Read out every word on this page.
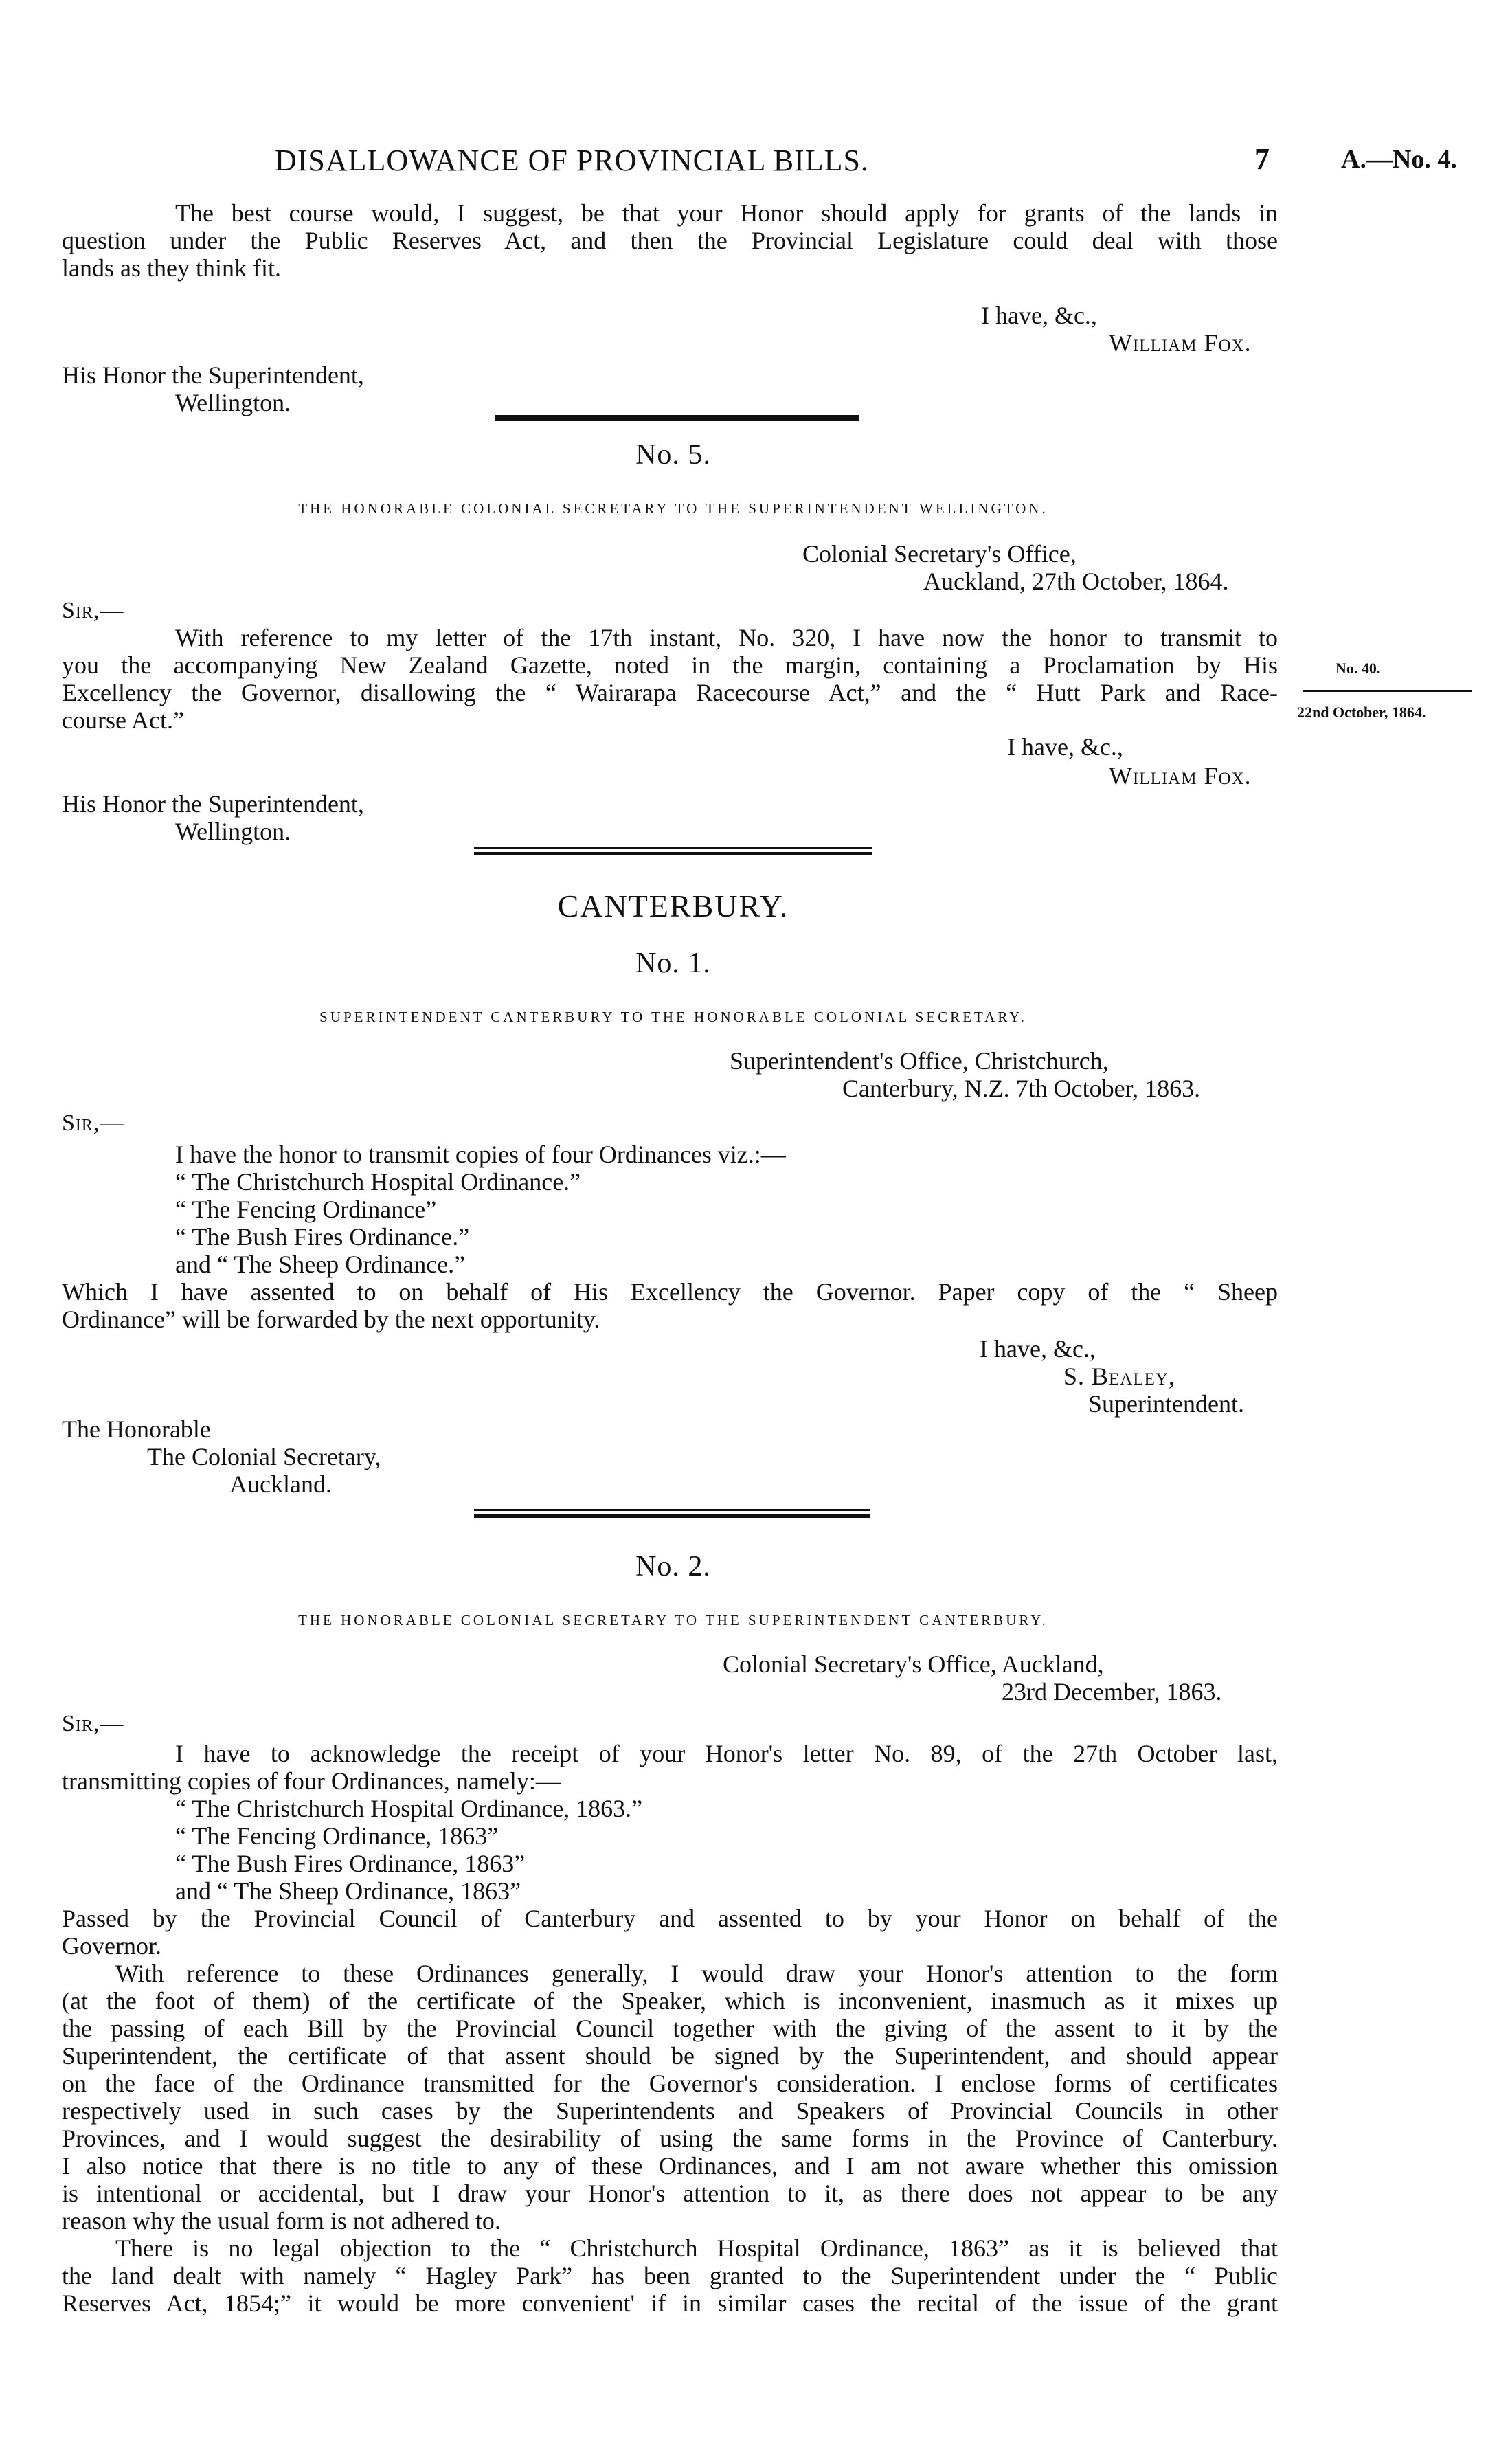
DISALLOWANCE OF PROVINCIAL BILLS.	7	A.—No. 4.
The best course would, I suggest, be that your Honor should apply for grants of the lands in
question under the Public Reserves Act, and then the Provincial Legislature could deal with those
lands as they think fit.
I have, &c.,
William Fox.
His Honor the Superintendent,
Wellington.
No. 5.
THE HONORABLE COLONIAL SECRETARY TO THE SUPERINTENDENT WELLINGTON.
Colonial Secretary's Office,
Auckland, 27th October, 1864.
Sir,—
With reference to my letter of the 17th instant, No. 320, I have now the honor to transmit to
you the accompanying New Zealand Gazette, noted in the margin, containing a Proclamation by His
Excellency the Governor, disallowing the “ Wairarapa Racecourse Act,” and the “ Hutt Park and Race-
course Act.”
No. 40.
22nd October, 1864.
I have, &c.,
William Fox.
His Honor the Superintendent,
Wellington.
CANTERBURY.
No. 1.
SUPERINTENDENT CANTERBURY TO THE HONORABLE COLONIAL SECRETARY.
Superintendent's Office, Christchurch,
Canterbury, N.Z. 7th October, 1863.
Sir,—
I have the honor to transmit copies of four Ordinances viz.:—
“ The Christchurch Hospital Ordinance.”
“ The Fencing Ordinance”
“ The Bush Fires Ordinance.”
and “ The Sheep Ordinance.”
Which I have assented to on behalf of His Excellency the Governor. Paper copy of the “ Sheep
Ordinance” will be forwarded by the next opportunity.
I have, &c.,
S. Bealey,
Superintendent.
The Honorable
The Colonial Secretary,
Auckland.
No. 2.
THE HONORABLE COLONIAL SECRETARY TO THE SUPERINTENDENT CANTERBURY.
Colonial Secretary's Office, Auckland,
23rd December, 1863.
Sir,—
I have to acknowledge the receipt of your Honor's letter No. 89, of the 27th October last,
transmitting copies of four Ordinances, namely:—
“ The Christchurch Hospital Ordinance, 1863.”
“ The Fencing Ordinance, 1863”
“ The Bush Fires Ordinance, 1863”
and “ The Sheep Ordinance, 1863”
Passed by the Provincial Council of Canterbury and assented to by your Honor on behalf of the
Governor.
With reference to these Ordinances generally, I would draw your Honor's attention to the form
(at the foot of them) of the certificate of the Speaker, which is inconvenient, inasmuch as it mixes up
the passing of each Bill by the Provincial Council together with the giving of the assent to it by the
Superintendent, the certificate of that assent should be signed by the Superintendent, and should appear
on the face of the Ordinance transmitted for the Governor's consideration. I enclose forms of certificates
respectively used in such cases by the Superintendents and Speakers of Provincial Councils in other
Provinces, and I would suggest the desirability of using the same forms in the Province of Canterbury.
I also notice that there is no title to any of these Ordinances, and I am not aware whether this omission
is intentional or accidental, but I draw your Honor's attention to it, as there does not appear to be any
reason why the usual form is not adhered to.
There is no legal objection to the “ Christchurch Hospital Ordinance, 1863” as it is believed that
the land dealt with namely “ Hagley Park” has been granted to the Superintendent under the “ Public
Reserves Act, 1854;” it would be more convenient' if in similar cases the recital of the issue of the grant
